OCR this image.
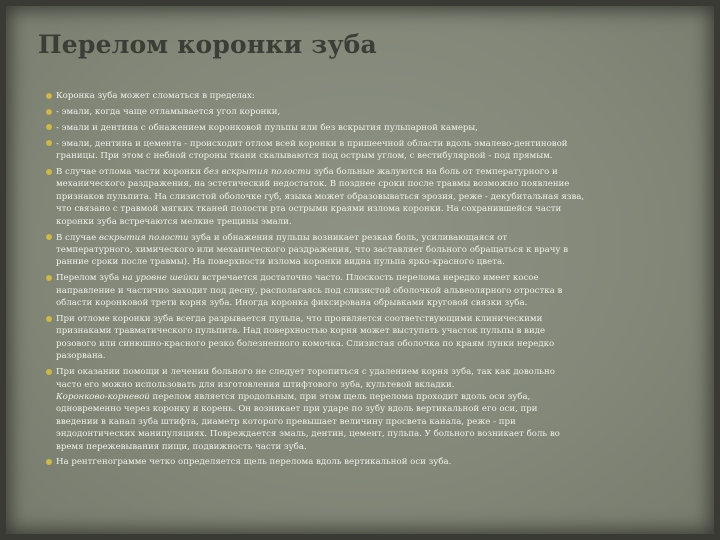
Перелом коронки зуба
Коронка зуба может сломаться в пределах:
- эмали, когда чаще отламывается угол коронки,
- эмали и дентина с обнажением коронковой пульпы или без вскрытия пульпарной камеры,
- эмали, дентина и цемента - происходит отлом всей коронки в пришеечной области вдоль эмалево-дентиновой
границы. При этом с небной стороны ткани скалываются под острым углом, с вестибулярной - под прямым.
В случае отлома части коронки без вскрытия полости зуба больные жалуются на боль от температурного и
механического раздражения, на эстетический недостаток. В позднее сроки после травмы возможно появление
признаков пульпита. На слизистой оболочке губ, языка может образовываться эрозия, реже - декубитальная язва,
что связано с травмой мягких тканей полости рта острыми краями излома коронки. На сохранившейся части
коронки зуба встречаются мелкие трещины эмали.
В случае вскрытия полости зуба и обнажения пульпы возникает резкая боль, усиливающаяся от
температурного, химического или механического раздражения, что заставляет больного обращаться к врачу в
ранние сроки после травмы). На поверхности излома коронки видна пульпа ярко-красного цвета.
Перелом зуба на уровне шейки встречается достаточно часто. Плоскость перелома нередко имеет косое
направление и частично заходит под десну, располагаясь под слизистой оболочкой альвеолярного отростка в
области коронковой трети корня зуба. Иногда коронка фиксирована обрывками круговой связки зуба.
При отломе коронки зуба всегда разрывается пульпа, что проявляется соответствующими клиническими
признаками травматического пульпита. Над поверхностью корня может выступать участок пульпы в виде
розового или синюшно-красного резко болезненного комочка. Слизистая оболочка по краям лунки нередко
разорвана.
При оказании помощи и лечении больного не следует торопиться с удалением корня зуба, так как довольно
часто его можно использовать для изготовления штифтового зуба, культевой вкладки.
Коронково-корневой перелом является продольным, при этом щель перелома проходит вдоль оси зуба,
одновременно через коронку и корень. Он возникает при ударе по зубу вдоль вертикальной его оси, при
введении в канал зуба штифта, диаметр которого превышает величину просвета канала, реже - при
эндодонтических манипуляциях. Повреждается эмаль, дентин, цемент, пульпа. У больного возникает боль во
время пережевывания пищи, подвижность части зуба.
На рентгенограмме четко определяется щель перелома вдоль вертикальной оси зуба.
